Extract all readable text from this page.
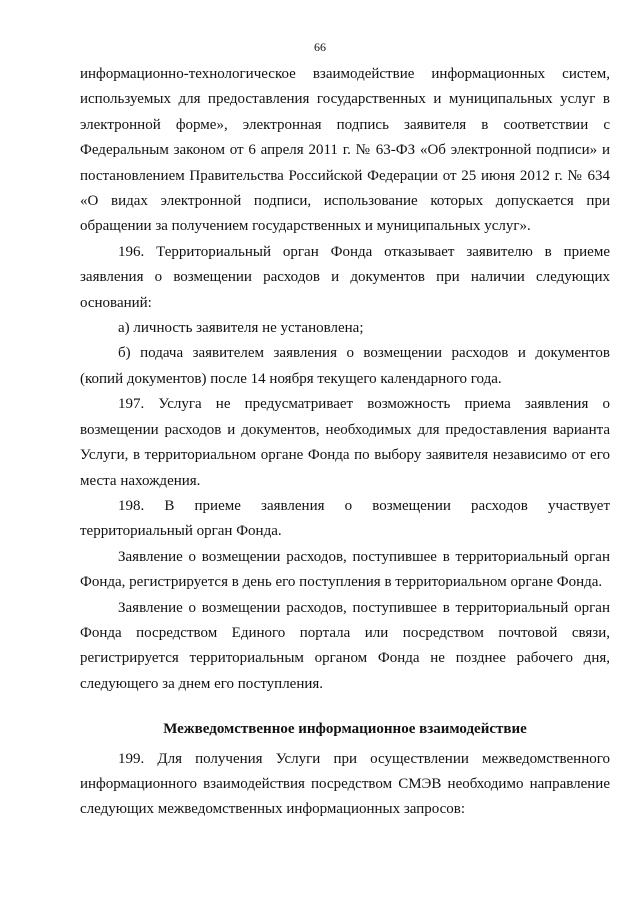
66

информационно-технологическое взаимодействие информационных систем, используемых для предоставления государственных и муниципальных услуг в электронной форме», электронная подпись заявителя в соответствии с Федеральным законом от 6 апреля 2011 г. № 63-ФЗ «Об электронной подписи» и постановлением Правительства Российской Федерации от 25 июня 2012 г. № 634 «О видах электронной подписи, использование которых допускается при обращении за получением государственных и муниципальных услуг».

196. Территориальный орган Фонда отказывает заявителю в приеме заявления о возмещении расходов и документов при наличии следующих оснований:

а) личность заявителя не установлена;

б) подача заявителем заявления о возмещении расходов и документов (копий документов) после 14 ноября текущего календарного года.

197. Услуга не предусматривает возможность приема заявления о возмещении расходов и документов, необходимых для предоставления варианта Услуги, в территориальном органе Фонда по выбору заявителя независимо от его места нахождения.

198. В приеме заявления о возмещении расходов участвует территориальный орган Фонда.

Заявление о возмещении расходов, поступившее в территориальный орган Фонда, регистрируется в день его поступления в территориальном органе Фонда.

Заявление о возмещении расходов, поступившее в территориальный орган Фонда посредством Единого портала или посредством почтовой связи, регистрируется территориальным органом Фонда не позднее рабочего дня, следующего за днем его поступления.

Межведомственное информационное взаимодействие

199. Для получения Услуги при осуществлении межведомственного информационного взаимодействия посредством СМЭВ необходимо направление следующих межведомственных информационных запросов:
